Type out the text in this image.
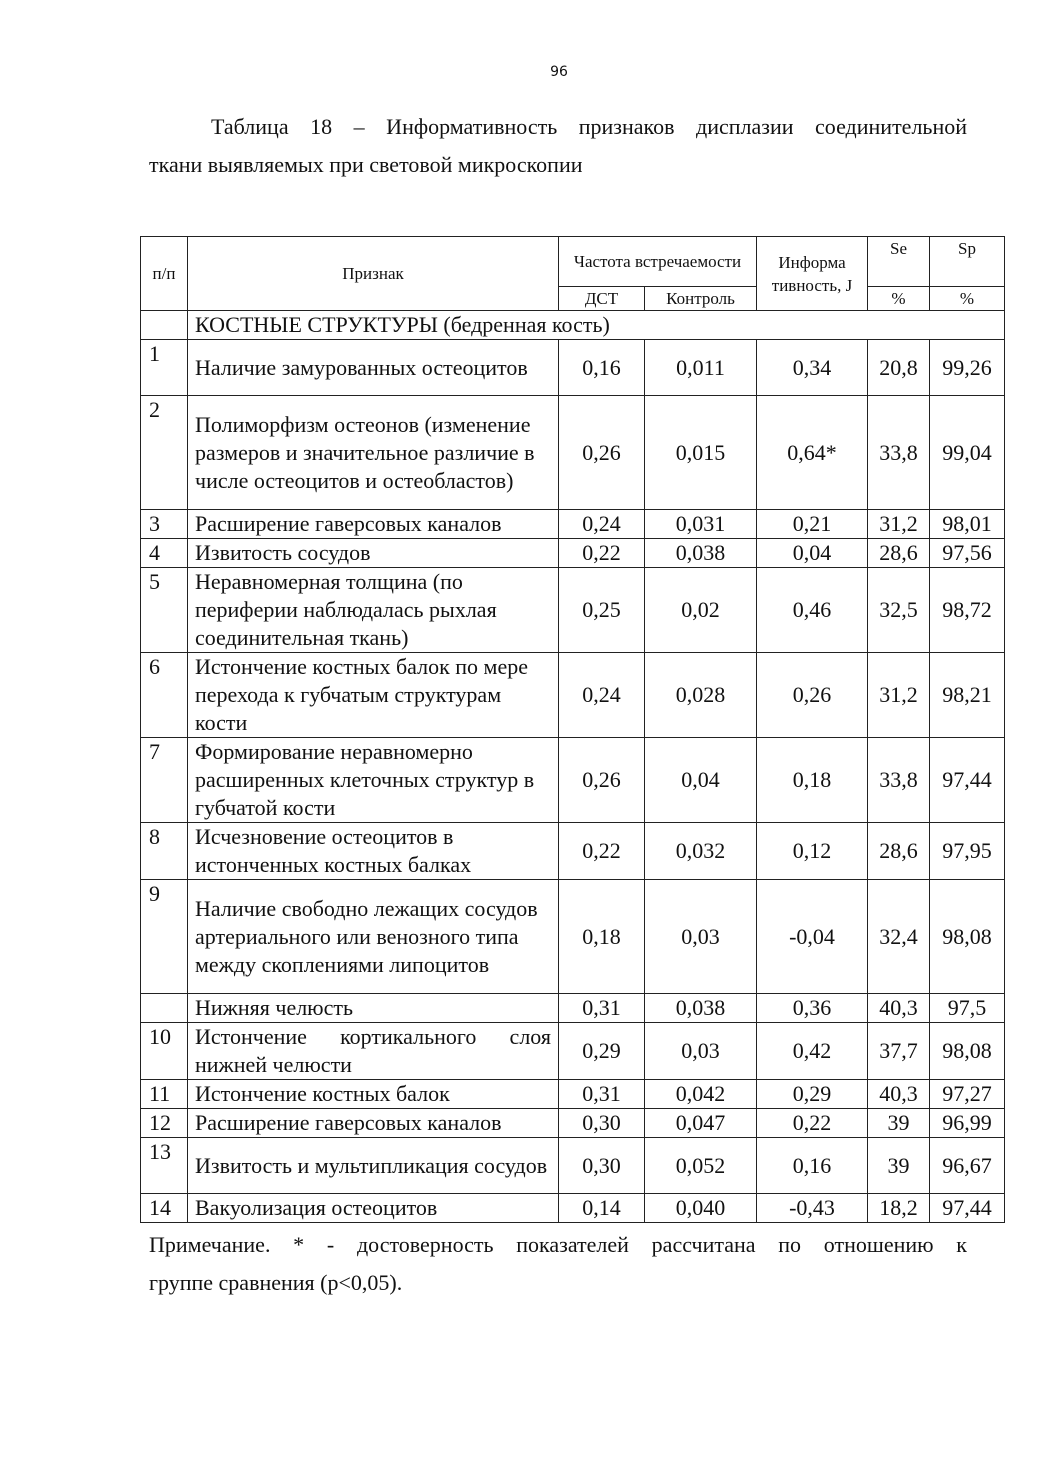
96
Таблица 18 – Информативность признаков дисплазии соединительной
ткани выявляемых при световой микроскопии
п/п	Признак	Частота встречаемости		Информа тивность, J	Se	Sp
		ДСТ	Контроль		%	%
	КОСТНЫЕ СТРУКТУРЫ (бедренная кость)					
1	Наличие замурованных остеоцитов	0,16	0,011	0,34	20,8	99,26
2	Полиморфизм остеонов (изменение размеров и значительное различие в числе остеоцитов и остеобластов)	0,26	0,015	0,64*	33,8	99,04
3	Расширение гаверсовых каналов	0,24	0,031	0,21	31,2	98,01
4	Извитость сосудов	0,22	0,038	0,04	28,6	97,56
5	Неравномерная толщина (по периферии наблюдалась рыхлая соединительная ткань)	0,25	0,02	0,46	32,5	98,72
6	Истончение костных балок по мере перехода к губчатым структурам кости	0,24	0,028	0,26	31,2	98,21
7	Формирование неравномерно расширенных клеточных структур в губчатой кости	0,26	0,04	0,18	33,8	97,44
8	Исчезновение остеоцитов в истонченных костных балках	0,22	0,032	0,12	28,6	97,95
9	Наличие свободно лежащих сосудов артериального или венозного типа между скоплениями липоцитов	0,18	0,03	-0,04	32,4	98,08
	Нижняя челюсть	0,31	0,038	0,36	40,3	97,5
10	Истончение кортикального слоя нижней челюсти	0,29	0,03	0,42	37,7	98,08
11	Истончение костных балок	0,31	0,042	0,29	40,3	97,27
12	Расширение гаверсовых каналов	0,30	0,047	0,22	39	96,99
13	Извитость и мультипликация сосудов	0,30	0,052	0,16	39	96,67
14	Вакуолизация остеоцитов	0,14	0,040	-0,43	18,2	97,44
Примечание. * - достоверность показателей рассчитана по отношению к
группе сравнения (р<0,05).
